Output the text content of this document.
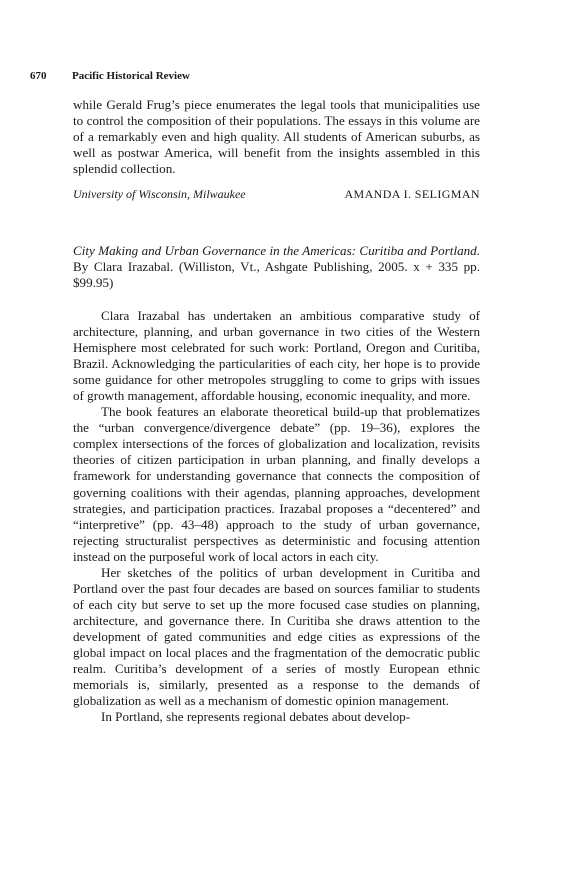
670 Pacific Historical Review
while Gerald Frug’s piece enumerates the legal tools that municipalities use to control the composition of their populations. The essays in this volume are of a remarkably even and high quality. All students of American suburbs, as well as postwar America, will benefit from the insights assembled in this splendid collection.
University of Wisconsin, Milwaukee	AMANDA I. SELIGMAN
City Making and Urban Governance in the Americas: Curitiba and Portland. By Clara Irazabal. (Williston, Vt., Ashgate Publishing, 2005. x + 335 pp. $99.95)

Clara Irazabal has undertaken an ambitious comparative study of architecture, planning, and urban governance in two cities of the Western Hemisphere most celebrated for such work: Portland, Oregon and Curitiba, Brazil. Acknowledging the particularities of each city, her hope is to provide some guidance for other metropoles struggling to come to grips with issues of growth management, affordable housing, economic inequality, and more.

The book features an elaborate theoretical build-up that problematizes the “urban convergence/divergence debate” (pp. 19–36), explores the complex intersections of the forces of globalization and localization, revisits theories of citizen participation in urban planning, and finally develops a framework for understanding governance that connects the composition of governing coalitions with their agendas, planning approaches, development strategies, and participation practices. Irazabal proposes a “decentered” and “interpretive” (pp. 43–48) approach to the study of urban governance, rejecting structuralist perspectives as deterministic and focusing attention instead on the purposeful work of local actors in each city.

Her sketches of the politics of urban development in Curitiba and Portland over the past four decades are based on sources familiar to students of each city but serve to set up the more focused case studies on planning, architecture, and governance there. In Curitiba she draws attention to the development of gated communities and edge cities as expressions of the global impact on local places and the fragmentation of the democratic public realm. Curitiba’s development of a series of mostly European ethnic memorials is, similarly, presented as a response to the demands of globalization as well as a mechanism of domestic opinion management.

In Portland, she represents regional debates about develop-
